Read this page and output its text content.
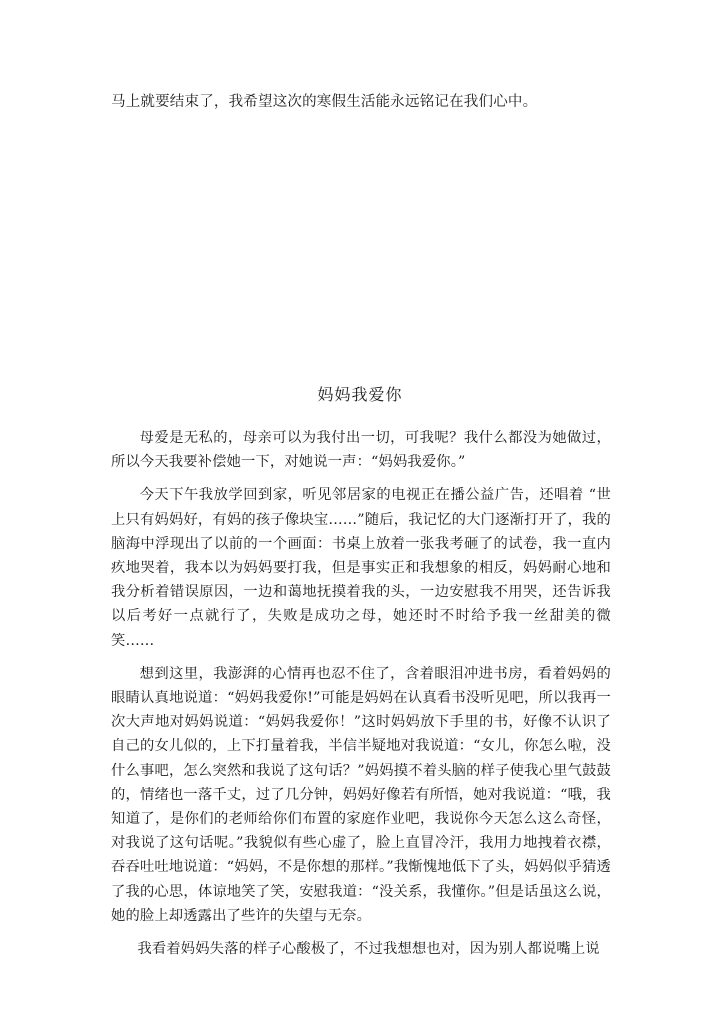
马上就要结束了，我希望这次的寒假生活能永远铭记在我们心中。
妈妈我爱你

母爱是无私的，母亲可以为我付出一切，可我呢？我什么都没为她做过，所以今天我要补偿她一下，对她说一声：“妈妈我爱你。”

今天下午我放学回到家，听见邻居家的电视正在播公益广告，还唱着 “世上只有妈妈好，有妈的孩子像块宝……”随后，我记忆的大门逐渐打开了，我的脑海中浮现出了以前的一个画面：书桌上放着一张我考砸了的试卷，我一直内疚地哭着，我本以为妈妈要打我，但是事实正和我想象的相反，妈妈耐心地和我分析着错误原因，一边和蔼地抚摸着我的头，一边安慰我不用哭，还告诉我以后考好一点就行了，失败是成功之母，她还时不时给予我一丝甜美的微笑……

想到这里，我澎湃的心情再也忍不住了，含着眼泪冲进书房，看着妈妈的眼睛认真地说道：“妈妈我爱你!”可能是妈妈在认真看书没听见吧，所以我再一次大声地对妈妈说道：“妈妈我爱你！”这时妈妈放下手里的书，好像不认识了自己的女儿似的，上下打量着我，半信半疑地对我说道：“女儿，你怎么啦，没什么事吧，怎么突然和我说了这句话？”妈妈摸不着头脑的样子使我心里气鼓鼓的，情绪也一落千丈，过了几分钟，妈妈好像若有所悟，她对我说道：“哦，我知道了，是你们的老师给你们布置的家庭作业吧，我说你今天怎么这么奇怪，对我说了这句话呢。”我貌似有些心虚了，脸上直冒冷汗，我用力地拽着衣襟，吞吞吐吐地说道：“妈妈，不是你想的那样。”我惭愧地低下了头，妈妈似乎猜透了我的心思，体谅地笑了笑，安慰我道：“没关系，我懂你。”但是话虽这么说，她的脸上却透露出了些许的失望与无奈。

我看着妈妈失落的样子心酸极了，不过我想想也对，因为别人都说嘴上说
